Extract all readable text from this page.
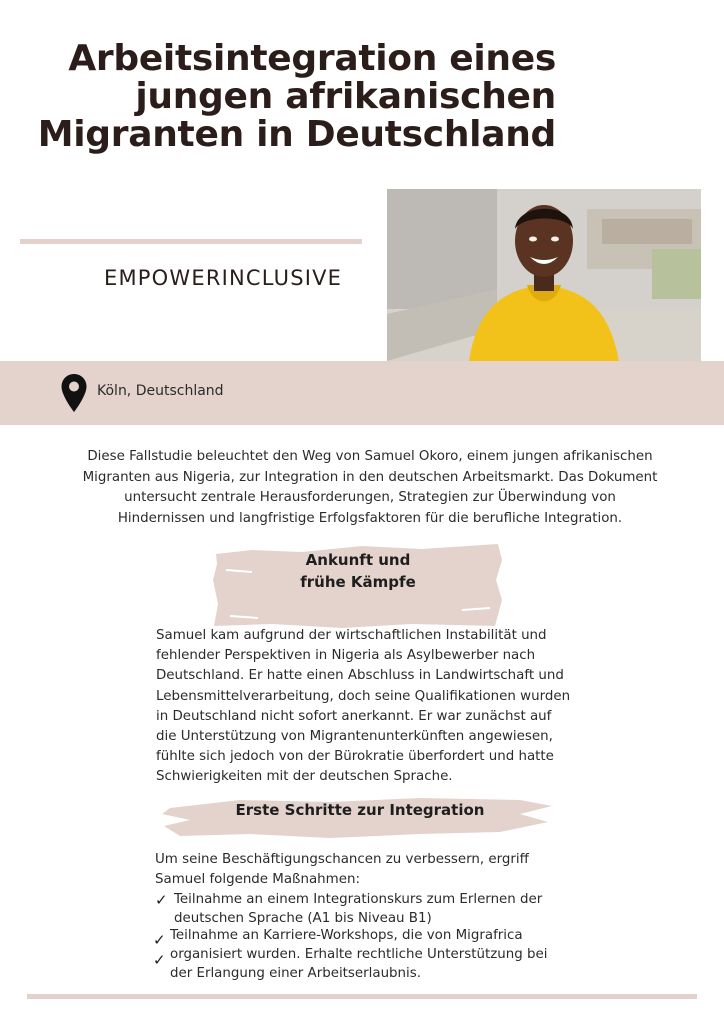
Arbeitsintegration eines jungen afrikanischen Migranten in Deutschland
EMPOWERINCLUSIVE
Köln, Deutschland

Diese Fallstudie beleuchtet den Weg von Samuel Okoro, einem jungen afrikanischen Migranten aus Nigeria, zur Integration in den deutschen Arbeitsmarkt. Das Dokument untersucht zentrale Herausforderungen, Strategien zur Überwindung von Hindernissen und langfristige Erfolgsfaktoren für die berufliche Integration.

Ankunft und
frühe Kämpfe

Samuel kam aufgrund der wirtschaftlichen Instabilität und fehlender Perspektiven in Nigeria als Asylbewerber nach Deutschland. Er hatte einen Abschluss in Landwirtschaft und Lebensmittelverarbeitung, doch seine Qualifikationen wurden in Deutschland nicht sofort anerkannt. Er war zunächst auf die Unterstützung von Migrantenunterkünften angewiesen, fühlte sich jedoch von der Bürokratie überfordert und hatte Schwierigkeiten mit der deutschen Sprache.

Erste Schritte zur Integration

Um seine Beschäftigungschancen zu verbessern, ergriff Samuel folgende Maßnahmen:

✓ Teilnahme an einem Integrationskurs zum Erlernen der deutschen Sprache (A1 bis Niveau B1)

✓
✓

Teilnahme an Karriere-Workshops, die von Migrafrica organisiert wurden. Erhalte rechtliche Unterstützung bei der Erlangung einer Arbeitserlaubnis.
